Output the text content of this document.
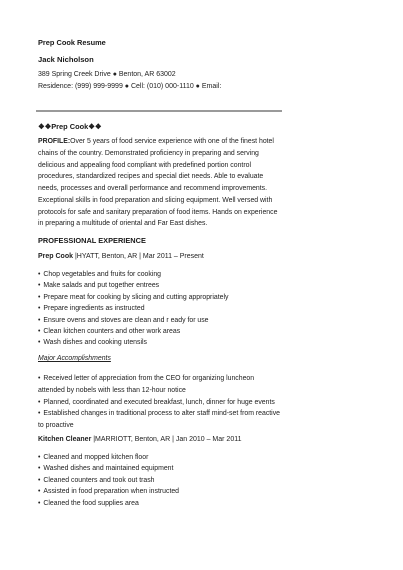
Prep Cook Resume
Jack Nicholson
389 Spring Creek Drive ● Benton, AR 63002
Residence: (999) 999-9999 ● Cell: (010) 000-1110 ● Email:
❖❖Prep Cook❖❖
PROFILE:Over 5 years of food service experience with one of the finest hotel chains of the country. Demonstrated proficiency in preparing and serving delicious and appealing food compliant with predefined portion control procedures, standardized recipes and special diet needs. Able to evaluate needs, processes and overall performance and recommend improvements. Exceptional skills in food preparation and slicing equipment. Well versed with protocols for safe and sanitary preparation of food items. Hands on experience in preparing a multitude of oriental and Far East dishes.
PROFESSIONAL EXPERIENCE
Prep Cook |HYATT, Benton, AR | Mar 2011 – Present
• Chop vegetables and fruits for cooking
• Make salads and put together entrees
• Prepare meat for cooking by slicing and cutting appropriately
• Prepare ingredients as instructed
• Ensure ovens and stoves are clean and r eady for use
• Clean kitchen counters and other work areas
• Wash dishes and cooking utensils
Major Accomplishments
• Received letter of appreciation from the CEO for organizing luncheon attended by nobels with less than 12-hour notice
• Planned, coordinated and executed breakfast, lunch, dinner for huge events
• Established changes in traditional process to alter staff mind-set from reactive to proactive
Kitchen Cleaner |MARRIOTT, Benton, AR | Jan 2010 – Mar 2011
• Cleaned and mopped kitchen floor
• Washed dishes and maintained equipment
• Cleaned counters and took out trash
• Assisted in food preparation when instructed
• Cleaned the food supplies area
